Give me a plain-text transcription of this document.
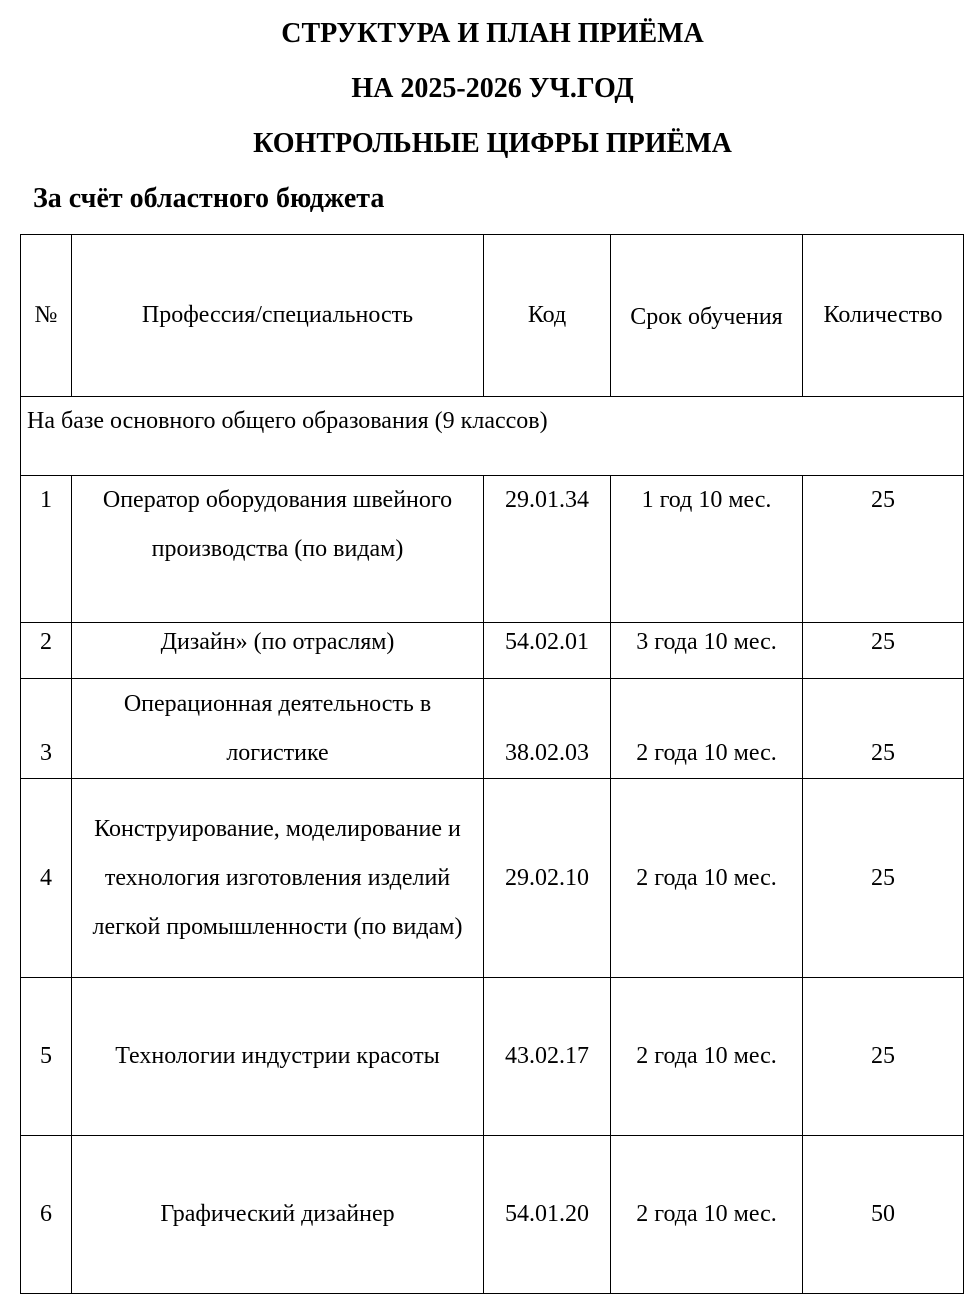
СТРУКТУРА И ПЛАН ПРИЁМА
НА 2025-2026 УЧ.ГОД
КОНТРОЛЬНЫЕ ЦИФРЫ ПРИЁМА
За счёт областного бюджета
№	Профессия/специальность	Код	Срок обучения	Количество
На базе основного общего образования (9 классов)				
1	Оператор оборудования швейного производства (по видам)	29.01.34	1 год 10 мес.	25
2	Дизайн» (по отраслям)	54.02.01	3 года 10 мес.	25
3	Операционная деятельность в логистике	38.02.03	2 года 10 мес.	25
4	Конструирование, моделирование и технология изготовления изделий легкой промышленности (по видам)	29.02.10	2 года 10 мес.	25
5	Технологии индустрии красоты	43.02.17	2 года 10 мес.	25
6	Графический дизайнер	54.01.20	2 года 10 мес.	50
